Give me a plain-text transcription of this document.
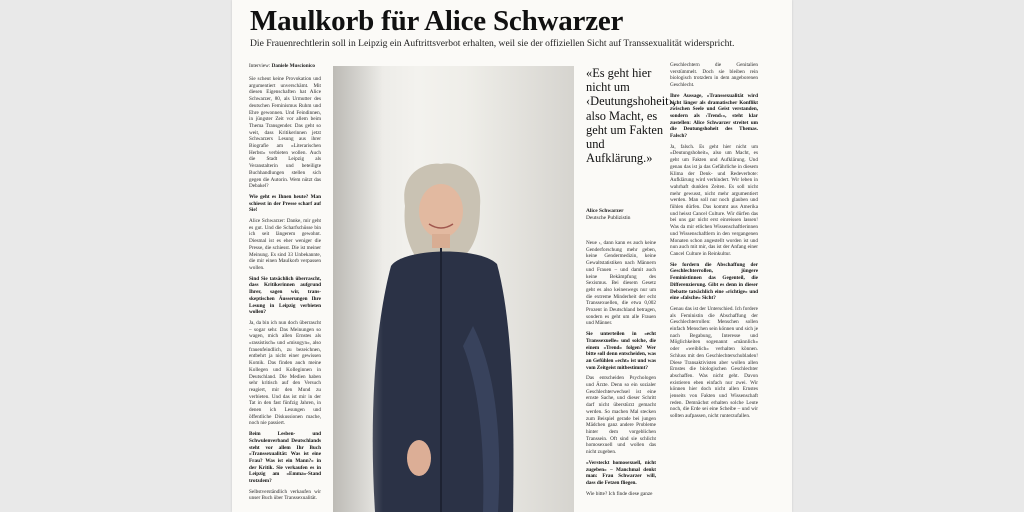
Maulkorb für Alice Schwarzer
Die Frauenrechtlerin soll in Leipzig ein Auftrittsverbot erhalten, weil sie der offiziellen Sicht auf Transsexualität widerspricht.
Interview: Daniele Muscionico

Sie scheut keine Provokation und argumentiert unverschämt. Mit diesen Eigenschaften hat Alice Schwarzer, 80, als Urmutter des deutschen Feminismus Ruhm und Ehre gewonnen. Und Feindinnen, in jüngster Zeit vor allem beim Thema Transgender. Das geht so weit, dass Kritikerinnen jetzt Schwarzers Lesung aus ihrer Biografie am «Literarischen Herbst» verbieten wollen. Auch die Stadt Leipzig als Veranstalterin und beteiligte Buchhandlungen stellen sich gegen die Autorin. Wem nützt das Debakel?

Wie geht es Ihnen heute? Man schiesst in der Presse scharf auf Sie!

Alice Schwarzer: Danke, mir geht es gut. Und die Scharfschüsse bin ich seit längerem gewohnt. Diesmal ist es eher weniger die Presse, die schiesst. Die ist meiner Meinung. Es sind 33 Unbekannte, die mir einen Maulkorb verpassen wollen.

Sind Sie tatsächlich überrascht, dass Kritikerinnen aufgrund Ihrer, sagen wir, trans-skeptischen Äusserungen Ihre Lesung in Leipzig verbieten wollen?

Ja, da bin ich nun doch überrascht – sogar sehr. Das Meinungen so wagen, mich allen Ernstes als «rassistisch» und «misogyn», also frauenfeindlich, zu bezeichnen, entbehrt ja nicht einer gewissen Komik. Das finden auch meine Kollegen und Kolleginnen in Deutschland. Die Medien haben sehr kritisch auf den Versuch reagiert, mir den Mund zu verbieten. Und das ist mir in der Tat in den fast fünfzig Jahren, in denen ich Lesungen und öffentliche Diskussionen mache, noch nie passiert.

Beim Lesben- und Schwulenverband Deutschlands steht vor allem Ihr Buch «Transsexualität: Was ist eine Frau? Was ist ein Mann?» in der Kritik. Sie verkaufen es in Leipzig am «Emma»-Stand trotzdem?

Selbstverständlich verkaufen wir unser Buch über Transsexualität.

«Es geht hier nicht um ‹Deutungshoheit›, also Macht, es geht um Fakten und Aufklärung.»
Alice Schwarzer
Deutsche Publizistin

Neue ‹, dann kann es auch keine Genderforschung mehr geben, keine Gendermedizin, keine Gewaltstatistiken nach Männern und Frauen – und damit auch keine Bekämpfung des Sexismus. Bei diesem Gesetz geht es also keineswegs nur um die extreme Minderheit der echt Transsexuellen, die etwa 0,002 Prozent in Deutschland betragen, sondern es geht um alle Frauen und Männer.

Sie unterteilen in «echt Transsexuelle» und solche, die einem «Trend» folgen? Wer bitte soll denn entscheiden, was an Gefühlen «echt» ist und was vom Zeitgeist mitbestimmt?

Das entscheiden Psychologen und Ärzte. Denn so ein sozialer Geschlechterwechsel ist eine ernste Sache, und dieser Schritt darf nicht überstürzt gemacht werden. So machen Mal stecken zum Beispiel gerade bei jungen Mädchen ganz andere Probleme hinter dem vorgeblichen Transsein. Oft sind sie schlicht homosexuell und wollen das nicht zugeben.

«Versteckt homosexuell, nicht zugeben» – Manchmal denkt man: Frau Schwarzer will, dass die Fetzen fliegen.

Wie bitte? Ich finde diese ganze

Geschlechtern die Genitalien verstümmelt. Doch sie bleiben rein biologisch trotzdem in dem angeborenen Geschlecht.

Ihre Aussage, «Transsexualität wird nicht länger als dramatischer Konflikt zwischen Seele und Geist verstanden, sondern als ‹Trend›», steht klar zustellen: Alice Schwarzer streitet um die Deutungshoheit des Themas. Falsch?

Ja, falsch. Es geht hier nicht um «Deutungshoheit», also um Macht, es geht um Fakten und Aufklärung. Und genau das ist ja das Gefährliche in diesem Klima der Denk- und Redeverbote: Aufklärung wird verhindert. Wir leben in wahrhaft dunklen Zeiten. Es soll nicht mehr gewusst, nicht mehr argumentiert werden. Man soll nur noch glauben und fühlen dürfen. Das kommt aus Amerika und heisst Cancel Culture. Wir dürfen das bei uns gar nicht erst einreissen lassen! Was da mir etlichen Wissenschaftlerinnen und Wissenschaftlern in den vergangenen Monaten schon angestellt worden ist und nun auch mit mir, das ist der Anfang einer Cancel Culture in Reinkultur.

Sie fordern die Abschaffung der Geschlechterrollen, jüngere Feministinnen das Gegenteil, die Differenzierung. Gibt es denn in dieser Debatte tatsächlich eine «richtige» und eine «falsche» Sicht?

Genau das ist der Unterschied. Ich fordere als Feministin die Abschaffung der Geschlechterrollen: Menschen sollen einfach Menschen sein können und sich je nach Begabung, Interesse und Möglichkeiten sogenannt «männlich» oder «weiblich» verhalten können. Schluss mit den Geschlechterschubladen! Diese Transaktivisten aber wollen allen Ernstes die biologischen Geschlechter abschaffen. Was nicht geht. Davon existieren eben einfach nur zwei. Wir können hier doch nicht allen Ernstes jenseits von Fakten und Wissenschaft reden. Demnächst erhalten solche Leute noch, die Erde sei eine Scheibe – und wir sollten aufpassen, nicht runterzufallen.
